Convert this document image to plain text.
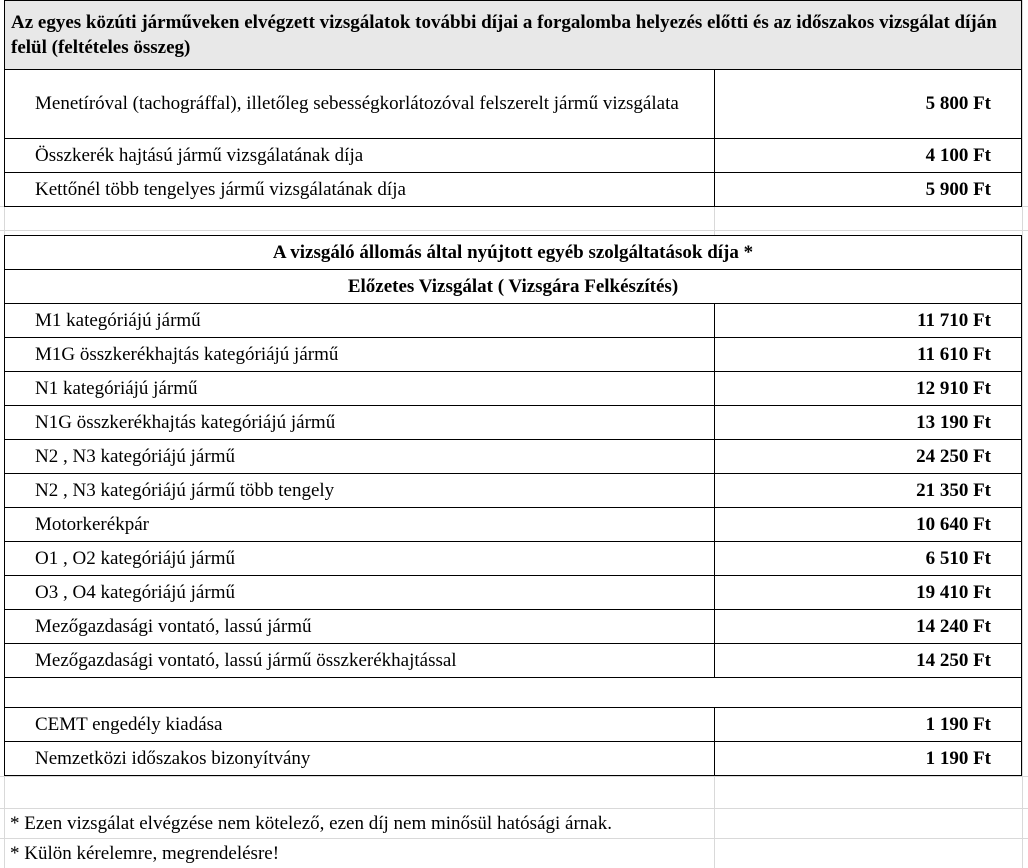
Az egyes közúti járműveken elvégzett vizsgálatok további díjai a forgalomba helyezés előtti és az időszakos vizsgálat díján felül (feltételes összeg)
Menetíróval (tachográffal), illetőleg sebességkorlátozóval felszerelt jármű vizsgálata	5 800 Ft
Összkerék hajtású jármű vizsgálatának díja	4 100 Ft
Kettőnél több tengelyes jármű vizsgálatának díja	5 900 Ft
A vizsgáló állomás által nyújtott egyéb szolgáltatások díja *
Előzetes Vizsgálat ( Vizsgára Felkészítés)
M1 kategóriájú jármű	11 710 Ft
M1G összkerékhajtás kategóriájú jármű	11 610 Ft
N1 kategóriájú jármű	12 910 Ft
N1G összkerékhajtás kategóriájú jármű	13 190 Ft
N2 , N3 kategóriájú jármű	24 250 Ft
N2 , N3 kategóriájú jármű több tengely	21 350 Ft
Motorkerékpár	10 640 Ft
O1 , O2 kategóriájú jármű	6 510 Ft
O3 , O4 kategóriájú jármű	19 410 Ft
Mezőgazdasági vontató, lassú jármű	14 240 Ft
Mezőgazdasági vontató, lassú jármű összkerékhajtással	14 250 Ft
CEMT engedély kiadása	1 190 Ft
Nemzetközi időszakos bizonyítvány	1 190 Ft
* Ezen vizsgálat elvégzése nem kötelező, ezen díj nem minősül hatósági árnak.
* Külön kérelemre, megrendelésre!
